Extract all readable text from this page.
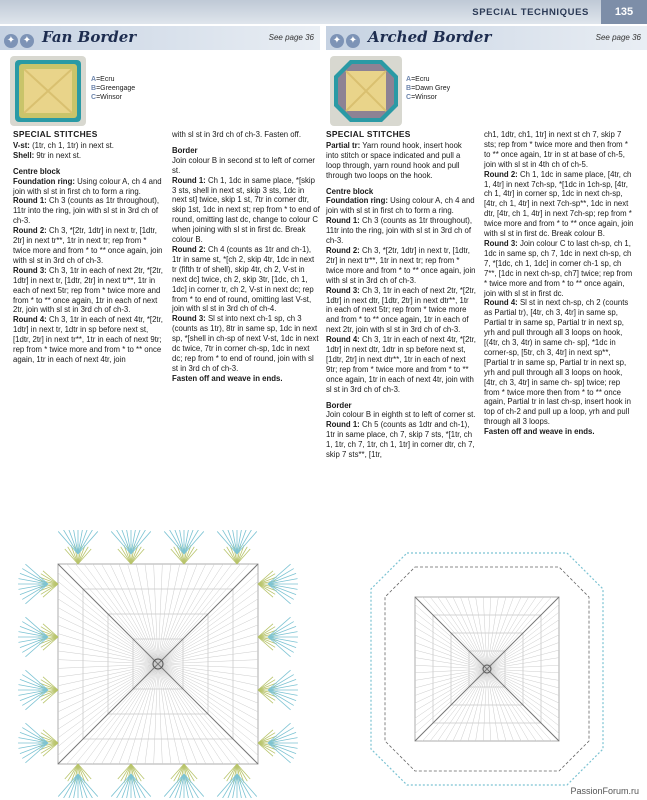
SPECIAL TECHNIQUES	135
✦ ✦ Fan Border	See page 36 ✦ ✦ Arched Border	See page 36
A=Ecru
B=Greengage
C=Winsor
A=Ecru
B=Dawn Grey
C=Winsor

SPECIAL STITCHES

V-st: (1tr, ch 1, 1tr) in next st.

Shell: 9tr in next st.

Centre block

Foundation ring: Using colour A, ch 4 and join with sl st in first ch to form a ring.

Round 1: Ch 3 (counts as 1tr throughout), 11tr into the ring, join with sl st in 3rd ch of ch-3.

Round 2: Ch 3, *[2tr, 1dtr] in next tr, [1dtr, 2tr] in next tr**, 1tr in next tr; rep from * twice more and from * to ** once again, join with sl st in 3rd ch of ch-3.

Round 3: Ch 3, 1tr in each of next 2tr, *[2tr, 1dtr] in next tr, [1dtr, 2tr] in next tr**, 1tr in each of next 5tr; rep from * twice more and from * to ** once again, 1tr in each of next 2tr, join with sl st in 3rd ch of ch-3.

Round 4: Ch 3, 1tr in each of next 4tr, *[2tr, 1dtr] in next tr, 1dtr in sp before next st, [1dtr, 2tr] in next tr**, 1tr in each of next 9tr; rep from * twice more and from * to ** once again, 1tr in each of next 4tr, join

with sl st in 3rd ch of ch-3. Fasten off.

Border

Join colour B in second st to left of corner st.

Round 1: Ch 1, 1dc in same place, *[skip 3 sts, shell in next st, skip 3 sts, 1dc in next st] twice, skip 1 st, 7tr in corner dtr, skip 1st, 1dc in next st; rep from * to end of round, omitting last dc, change to colour C when joining with sl st in first dc. Break colour B.

Round 2: Ch 4 (counts as 1tr and ch-1), 1tr in same st, *[ch 2, skip 4tr, 1dc in next tr (fifth tr of shell), skip 4tr, ch 2, V-st in next dc] twice, ch 2, skip 3tr, [1dc, ch 1, 1dc] in corner tr, ch 2, V-st in next dc; rep from * to end of round, omitting last V-st, join with sl st in 3rd ch of ch-4.

Round 3: Sl st into next ch-1 sp, ch 3 (counts as 1tr), 8tr in same sp, 1dc in next sp, *[shell in ch-sp of next V-st, 1dc in next dc twice, 7tr in corner ch-sp, 1dc in next dc; rep from * to end of round, join with sl st in 3rd ch of ch-3.

Fasten off and weave in ends.

SPECIAL STITCHES

Partial tr: Yarn round hook, insert hook into stitch or space indicated and pull a loop through, yarn round hook and pull through two loops on the hook.

Centre block

Foundation ring: Using colour A, ch 4 and join with sl st in first ch to form a ring.

Round 1: Ch 3 (counts as 1tr throughout), 11tr into the ring, join with sl st in 3rd ch of ch-3.

Round 2: Ch 3, *[2tr, 1dtr] in next tr, [1dtr, 2tr] in next tr**, 1tr in next tr; rep from * twice more and from * to ** once again, join with sl st in 3rd ch of ch-3.

Round 3: Ch 3, 1tr in each of next 2tr, *[2tr, 1dtr] in next dtr, [1dtr, 2tr] in next dtr**, 1tr in each of next 5tr; rep from * twice more and from * to ** once again, 1tr in each of next 2tr, join with sl st in 3rd ch of ch-3.

Round 4: Ch 3, 1tr in each of next 4tr, *[2tr, 1dtr] in next dtr, 1dtr in sp before next st, [1dtr, 2tr] in next dtr**, 1tr in each of next 9tr; rep from * twice more and from * to ** once again, 1tr in each of next 4tr, join with sl st in 3rd ch of ch-3.

Border

Join colour B in eighth st to left of corner st.

Round 1: Ch 5 (counts as 1dtr and ch-1), 1tr in same place, ch 7, skip 7 sts, *[1tr, ch 1, 1tr, ch 7, 1tr, ch 1, 1tr] in corner dtr, ch 7, skip 7 sts**, [1tr,

ch1, 1dtr, ch1, 1tr] in next st ch 7, skip 7 sts; rep from * twice more and then from * to ** once again, 1tr in st at base of ch-5, join with sl st in 4th ch of ch-5.

Round 2: Ch 1, 1dc in same place, [4tr, ch 1, 4tr] in next 7ch-sp, *[1dc in 1ch-sp, [4tr, ch 1, 4tr] in corner sp, 1dc in next ch-sp, [4tr, ch 1, 4tr] in next 7ch-sp**, 1dc in next dtr, [4tr, ch 1, 4tr] in next 7ch-sp; rep from * twice more and from * to ** once again, join with sl st in first dc. Break colour B.

Round 3: Join colour C to last ch-sp, ch 1, 1dc in same sp, ch 7, 1dc in next ch-sp, ch 7, *[1dc, ch 1, 1dc] in corner ch-1 sp, ch 7**, [1dc in next ch-sp, ch7] twice; rep from * twice more and from * to ** once again, join with sl st in first dc.

Round 4: Sl st in next ch-sp, ch 2 (counts as Partial tr), [4tr, ch 3, 4tr] in same sp, Partial tr in same sp, Partial tr in next sp, yrh and pull through all 3 loops on hook, [(4tr, ch 3, 4tr) in same ch- sp], *1dc in corner-sp, [5tr, ch 3, 4tr] in next sp**, [Partial tr in same sp, Partial tr in next sp, yrh and pull through all 3 loops on hook, [4tr, ch 3, 4tr] in same ch- sp] twice; rep from * twice more then from * to ** once again, Partial tr in last ch-sp, insert hook in top of ch-2 and pull up a loop, yrh and pull through all 3 loops.

Fasten off and weave in ends.

PassionForum.ru
